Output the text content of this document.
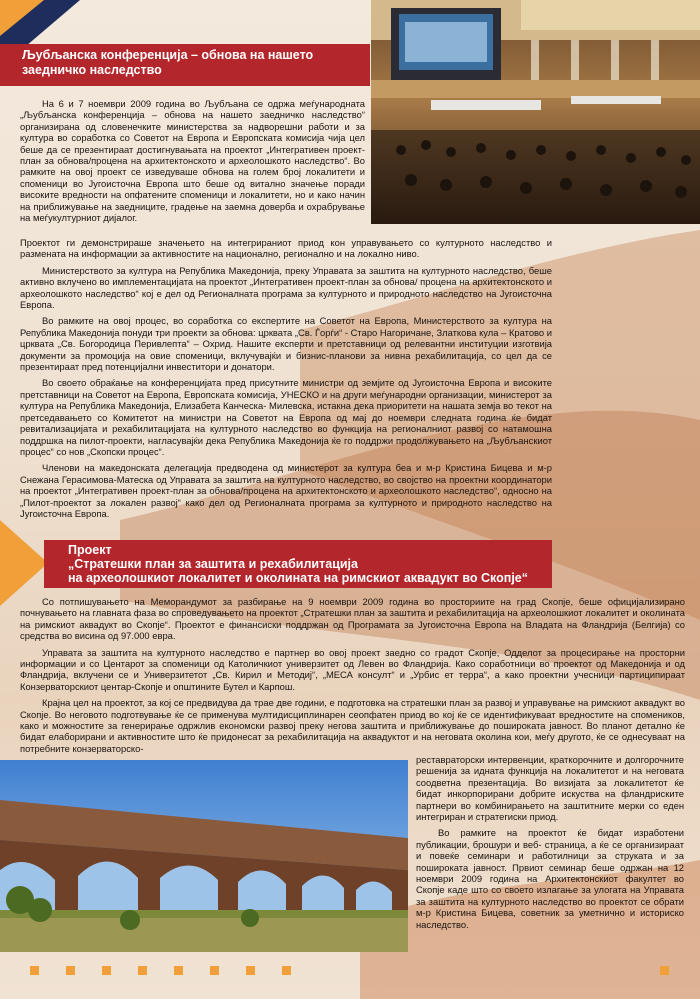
Љубљанска конференција – обнова на нашето
заедничко наследство

На 6 и 7 ноември 2009 година во Љубљана се одржа меѓународната „Љубљанска конференција – обнова на нашето заедничко наследство“ организирана од словенечките министерства за надворешни работи и за култура во соработка со Советот на Европа и Европската комисија чија цел беше да се презентираат достигнувањата на проектот „Интегративен проект-план за обнова/процена на архитектонското и археолошкото наследство“. Во рамките на овој проект се изведуваше обнова на голем број локалитети и споменици во Југоисточна Европа што беше од витално значење поради високите вредности на опфатените споменици и локалитети, но и како начин на приближување на заедниците, градење на заемна доверба и охрабрување на меѓукултурниот дијалог.

Проектот ги демонстрираше значењето на интегрираниот приод кон управувањето со културното наследство и размената на информации за активностите на национално, регионално и на локално ниво.

Министерството за култура на Република Македонија, преку Управата за заштита на културното наследство, беше активно вклучено во имплементацијата на проектот „Интегративен проект-план за обнова/ процена на архитектонското и археолошкото наследство“ кој е дел од Регионалната програма за културното и природното наследство на Југоисточна Европа.

Во рамките на овој процес, во соработка со експертите на Советот на Европа, Министерството за култура на Република Македонија понуди три проекти за обнова: црквата „Св. Ѓорѓи“ - Старо Нагоричане, Златкова кула – Кратово и црквата „Св. Богородица Перивлепта“ – Охрид. Нашите експерти и претставници од релевантни институции изготвија документи за промоција на овие споменици, вклучувајќи и бизнис-планови за нивна рехабилитација, со цел да се презентираат пред потенцијални инвеститори и донатори.

Во своето обраќање на конференцијата пред присутните министри од земјите од Југоисточна Европа и високите претставници на Советот на Европа, Европската комисија, УНЕСКО и на други меѓународни организации, министерот за култура на Република Македонија, Елизабета Канческа- Милевска, истакна дека приоритети на нашата земја во текот на претседавањето со Комитетот на министри на Советот на Европа од мај до ноември следната година ќе бидат ревитализацијата и рехабилитацијата на културното наследство во функција на регионалниот развој со натамошна поддршка на пилот-проекти, нагласувајќи дека Република Македонија ќе го поддржи продолжувањето на „Љубљанскиот процес“ со нов „Скопски процес“.

Членови на македонската делегација предводена од министерот за култура беа и м-р Кристина Бицева и м-р Снежана Герасимова-Матеска од Управата за заштита на културното наследство, во својство на проектни координатори на проектот „Интегративен проект-план за обнова/процена на архитектонското и археолошкото наследство“, односно на „Пилот-проектот за локален развој“ како дел од Регионалната програма за културното и природното наследство на Југоисточна Европа.

Проект
„Стратешки план за заштита и рехабилитација
на археолошкиот локалитет и околината на римскиот аквадукт во Скопје“

Со потпишувањето на Меморандумот за разбирање на 9 ноември 2009 година во просториите на град Скопје, беше официјализирано почнувањето на главната фаза во спроведувањето на проектот „Стратешки план за заштита и рехабилитација на археолошкиот локалитет и околината на римскиот аквадукт во Скопје“. Проектот е финансиски поддржан од Програмата за Југоисточна Европа на Владата на Фландрија (Белгија) со средства во висина од 97.000 евра.

Управата за заштита на културното наследство е партнер во овој проект заедно со градот Скопје, Одделот за процесирање на просторни информации и со Центарот за споменици од Католичкиот универзитет од Левен во Фландрија. Како соработници во проектот од Македонија и од Фландрија, вклучени се и Универзитетот „Св. Кирил и Методиј“, „МЕСА консулт“ и „Урбис ет терра“, а како проектни учесници партиципираат Конзерваторскиот центар-Скопје и општините Бутел и Карпош.

Крајна цел на проектот, за кој се предвидува да трае две години, е подготовка на стратешки план за развој и управување на римскиот аквадукт во Скопје. Во неговото подготвување ќе се применува мултидисциплинарен сеопфатен приод во кој ќе се идентификуваат вредностите на спомеников, како и можностите за генерирање одржлив економски развој преку негова заштита и приближување до пошироката јавност. Во планот детално ќе бидат елаборирани и активностите што ќе придонесат за рехабилитација на аквадуктот и на неговата околина кои, меѓу другото, ќе се однесуваат на потребните конзерваторско-

реставраторски интервенции, краткорочните и долгорочните решенија за идната функција на локалитетот и на неговата соодветна презентација. Во визијата за локалитетот ќе бидат инкорпорирани добрите искуства на фландриските партнери во комбинирањето на заштитните мерки со еден интегриран и стратегиски приод.

Во рамките на проектот ќе бидат изработени публикации, брошури и веб- страница, а ќе се организираат и повеќе семинари и работилници за струката и за пошироката јавност. Првиот семинар беше одржан на 12 ноември 2009 година на Архитектонскиот факултет во Скопје каде што со своето излагање за улогата на Управата за заштита на културното наследство во проектот се обрати м-р Кристина Бицева, советник за уметнично и историско наследство.
